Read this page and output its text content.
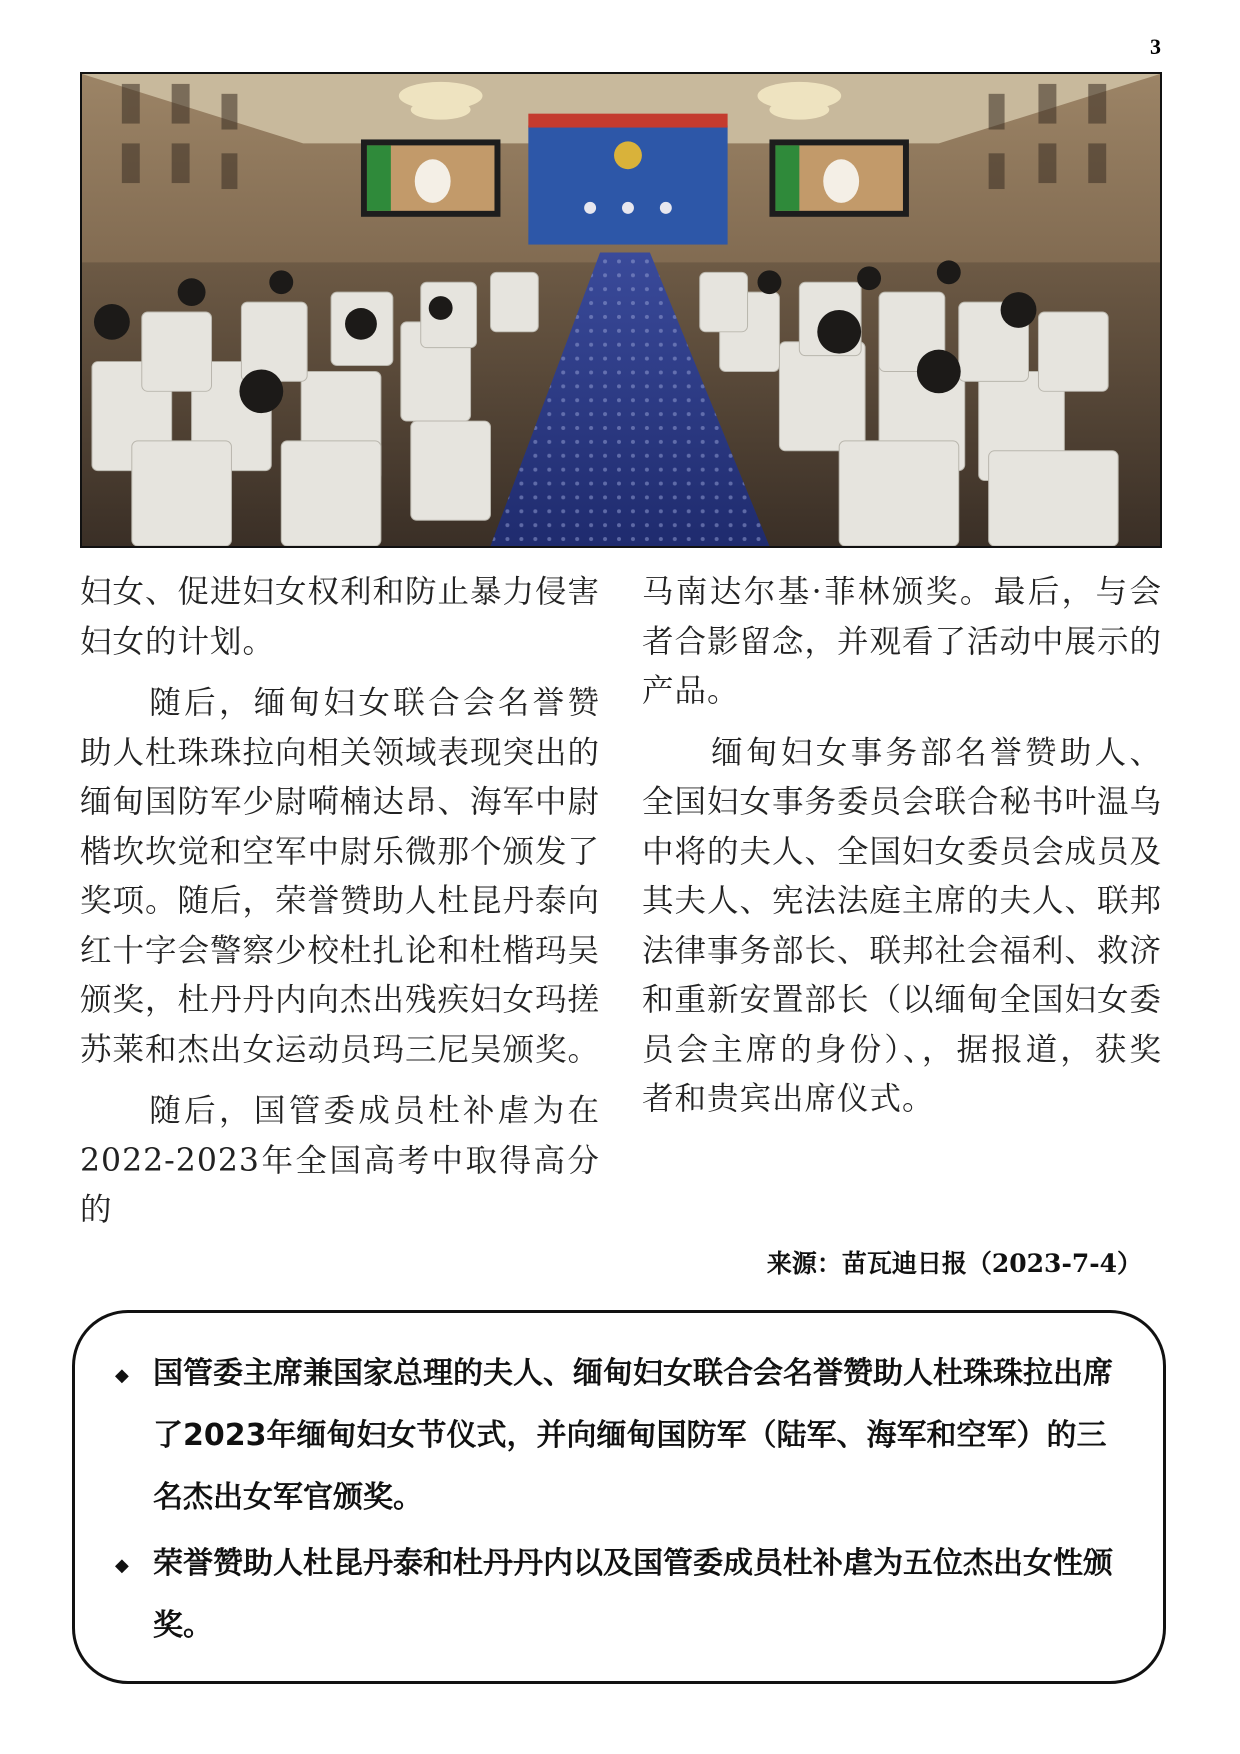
3

妇女、促进妇女权利和防止暴力侵害妇女的计划。

随后，缅甸妇女联合会名誉赞助人杜珠珠拉向相关领域表现突出的缅甸国防军少尉嗬楠达昂、海军中尉楷坎坎觉和空军中尉乐微那个颁发了奖项。随后，荣誉赞助人杜昆丹泰向红十字会警察少校杜扎论和杜楷玛吴颁奖，杜丹丹内向杰出残疾妇女玛搓苏莱和杰出女运动员玛三尼吴颁奖。

随后，国管委成员杜补虐为在2022-2023年全国高考中取得高分的

马南达尔基·菲林颁奖。最后，与会者合影留念，并观看了活动中展示的产品。

缅甸妇女事务部名誉赞助人、全国妇女事务委员会联合秘书叶温乌中将的夫人、全国妇女委员会成员及其夫人、宪法法庭主席的夫人、联邦法律事务部长、联邦社会福利、救济和重新安置部长（以缅甸全国妇女委员会主席的身份）、，据报道，获奖者和贵宾出席仪式。

来源：苗瓦迪日报（2023-7-4）
◆ 国管委主席兼国家总理的夫人、缅甸妇女联合会名誉赞助人杜珠珠拉出席了2023年缅甸妇女节仪式，并向缅甸国防军（陆军、海军和空军）的三名杰出女军官颁奖。
◆ 荣誉赞助人杜昆丹泰和杜丹丹内以及国管委成员杜补虐为五位杰出女性颁奖。
